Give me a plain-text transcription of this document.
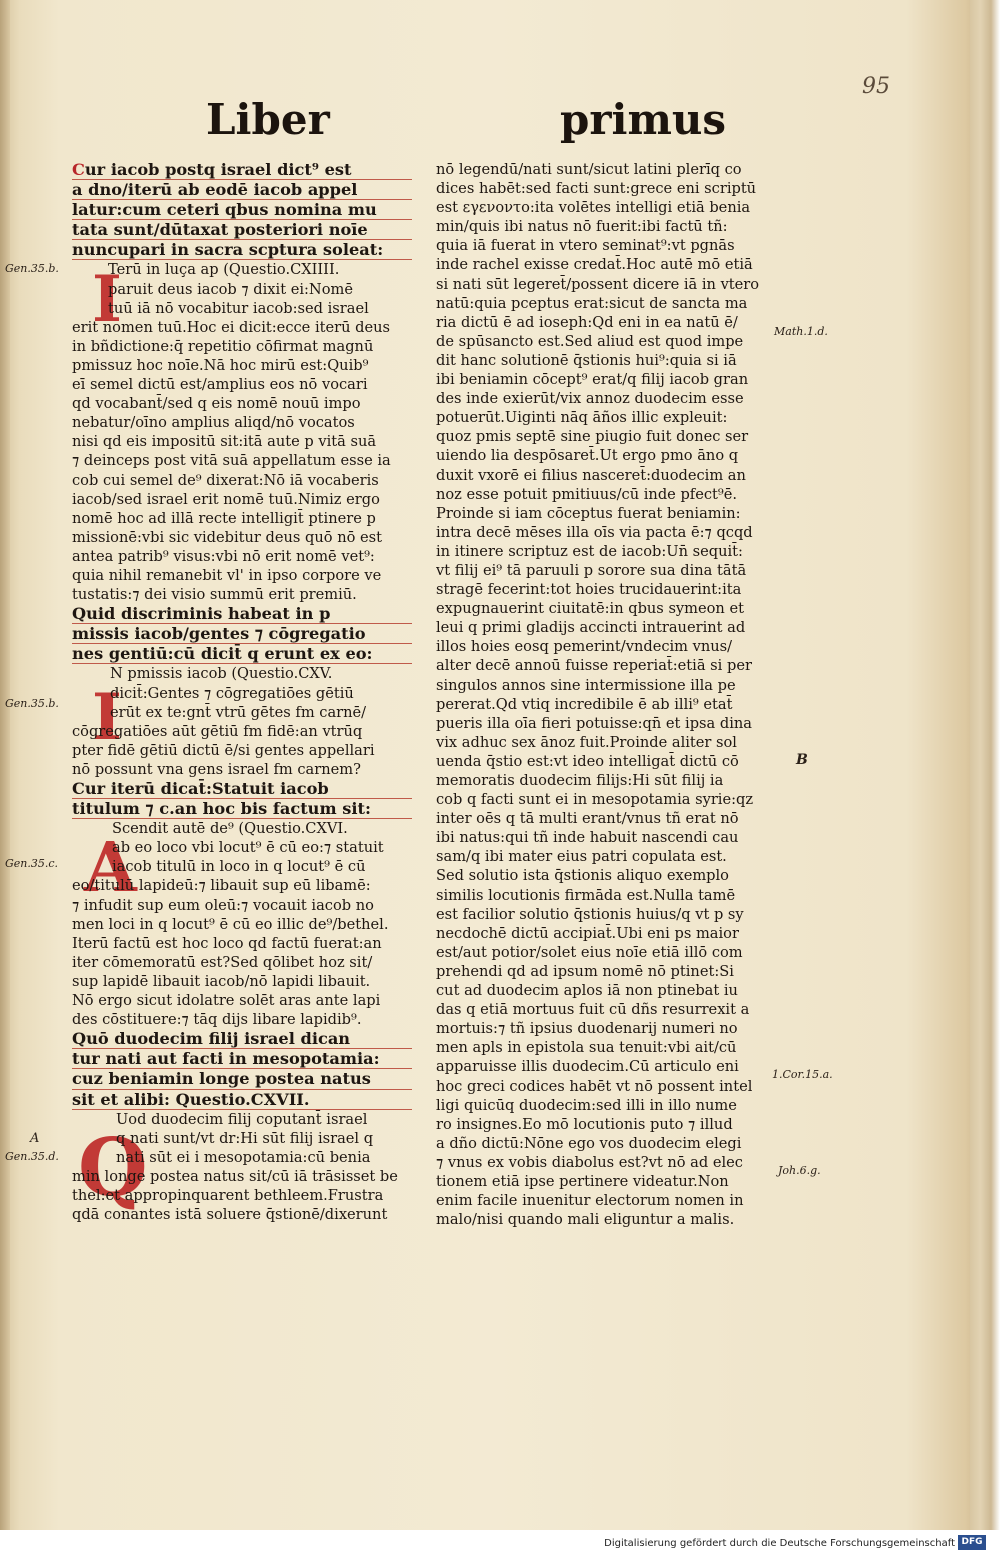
95
Liber	primus
I
I
A
Q
Gen.35.b.
Gen.35.b.
Gen.35.c.
A
Gen.35.d.
Math.1.d.
B
1.Cor.15.a.
Joh.6.g.
Cur iacob postq israel dict⁹ est
a dno/iterū ab eodē iacob appel
latur:cum ceteri qbus nomina mu
tata sunt/dūtaxat posteriori noīe
nuncupari in sacra scptura soleat:
Terū in luça ap (Questio.CXIIII.
paruit deus iacob ⁊ dixit ei:Nomē
tuū iā nō vocabitur iacob:sed israel
erit nomen tuū.Hoc ei dicit:ecce iterū deus
in bñdictione:q̄ repetitio cōfirmat magnū
pmissuz hoc noīe.Nā hoc mirū est:Quib⁹
eī semel dictū est/amplius eos nō vocari
qd vocabant̄/sed q eis nomē nouū impo
nebatur/oīno amplius aliqd/nō vocatos
nisi qd eis impositū sit:itā aute p vitā suā
⁊ deinceps post vitā suā appellatum esse ia
cob cui semel de⁹ dixerat:Nō iā vocaberis
iacob/sed israel erit nomē tuū.Nimiz ergo
nomē hoc ad illā recte intelligit̄ ptinere p
missionē:vbi sic videbitur deus quō nō est
antea patrib⁹ visus:vbi nō erit nomē vet⁹:
quia nihil remanebit vl' in ipso corpore ve
tustatis:⁊ dei visio summū erit premiū.
Quid discriminis habeat in p
missis iacob/gentes ⁊ cōgregatio
nes gentiū:cū dicit̄ q erunt ex eo:
N pmissis iacob (Questio.CXV.
dicit̄:Gentes ⁊ cōgregatiōes gētiū
erūt ex te:gnt̄ vtrū gētes fm carnē/
cōgregatiōes aūt gētiū fm fidē:an vtrūq
pter fidē gētiū dictū ē/si gentes appellari
nō possunt vna gens israel fm carnem?
Cur iterū dicat̄:Statuit iacob
titulum ⁊ c.an hoc bis factum sit:
Scendit autē de⁹ (Questio.CXVI.
ab eo loco vbi locut⁹ ē cū eo:⁊ statuit
iacob titulū in loco in q locut⁹ ē cū
eo/titulū lapideū:⁊ libauit sup eū libamē:
⁊ infudit sup eum oleū:⁊ vocauit iacob no
men loci in q locut⁹ ē cū eo illic de⁹/bethel.
Iterū factū est hoc loco qd factū fuerat:an
iter cōmemoratū est?Sed qōlibet hoz sit/
sup lapidē libauit iacob/nō lapidi libauit.
Nō ergo sicut idolatre solēt aras ante lapi
des cōstituere:⁊ tāq dijs libare lapidib⁹.
Quō duodecim filij israel dican
tur nati aut facti in mesopotamia:
cuz beniamin longe postea natus
sit et alibi: Questio.CXVII.
Uod duodecim filij coputant̄ israel
q nati sunt/vt dr:Hi sūt filij israel q
nati sūt ei i mesopotamia:cū benia
min longe postea natus sit/cū iā trāsisset be
thel:et appropinquarent bethleem.Frustra
qdā conantes istā soluere q̄stionē/dixerunt
nō legendū/nati sunt/sicut latini plerīq co
dices habēt:sed facti sunt:grece eni scriptū
est εγενοντο:ita volētes intelligi etiā benia
min/quis ibi natus nō fuerit:ibi factū tñ:
quia iā fuerat in vtero seminat⁹:vt pgnās
inde rachel exisse credat̄.Hoc autē mō etiā
si nati sūt legeret̄/possent dicere iā in vtero
natū:quia pceptus erat:sicut de sancta ma
ria dictū ē ad ioseph:Qd eni in ea natū ē/
de spūsancto est.Sed aliud est quod impe
dit hanc solutionē q̄stionis hui⁹:quia si iā
ibi beniamin cōcept⁹ erat/q filij iacob gran
des inde exierūt/vix annoz duodecim esse
potuerūt.Uiginti nāq āños illic expleuit:
quoz pmis septē sine piugio fuit donec ser
uiendo lia despōsaret̄.Ut ergo pmo āno q
duxit vxorē ei filius nasceret̄:duodecim an
noz esse potuit pmitiuus/cū inde pfect⁹ē.
Proinde si iam cōceptus fuerat beniamin:
intra decē mēses illa oīs via pacta ē:⁊ qcqd
in itinere scriptuz est de iacob:Un̄ sequit̄:
vt filij ei⁹ tā paruuli p sorore sua dina tātā
stragē fecerint:tot hoies trucidauerint:ita
expugnauerint ciuitatē:in qbus symeon et
leui q primi gladijs accincti intrauerint ad
illos hoies eosq pemerint/vndecim vnus/
alter decē annoū fuisse reperiat̄:etiā si per
singulos annos sine intermissione illa pe
pererat.Qd vtiq incredibile ē ab illi⁹ etat̄
pueris illa oīa fieri potuisse:qn̄ et ipsa dina
vix adhuc sex ānoz fuit.Proinde aliter sol
uenda q̄stio est:vt ideo intelligat̄ dictū cō
memoratis duodecim filijs:Hi sūt filij ia
cob q facti sunt ei in mesopotamia syrie:qz
inter oēs q tā multi erant/vnus tñ erat nō
ibi natus:qui tñ inde habuit nascendi cau
sam/q ibi mater eius patri copulata est.
Sed solutio ista q̄stionis aliquo exemplo
similis locutionis firmāda est.Nulla tamē
est facilior solutio q̄stionis huius/q vt p sy
necdochē dictū accipiat̄.Ubi eni ps maior
est/aut potior/solet eius noīe etiā illō com
prehendi qd ad ipsum nomē nō ptinet:Si
cut ad duodecim aplos iā non ptinebat iu
das q etiā mortuus fuit cū dñs resurrexit a
mortuis:⁊ tñ ipsius duodenarij numeri no
men apls in epistola sua tenuit:vbi ait/cū
apparuisse illis duodecim.Cū articulo eni
hoc greci codices habēt vt nō possent intel
ligi quicūq duodecim:sed illi in illo nume
ro insignes.Eo mō locutionis puto ⁊ illud
a dño dictū:Nōne ego vos duodecim elegi
⁊ vnus ex vobis diabolus est?vt nō ad elec
tionem etiā ipse pertinere videatur.Non
enim facile inuenitur electorum nomen in
malo/nisi quando mali eliguntur a malis.
Digitalisierung gefördert durch die Deutsche Forschungsgemeinschaft DFG
